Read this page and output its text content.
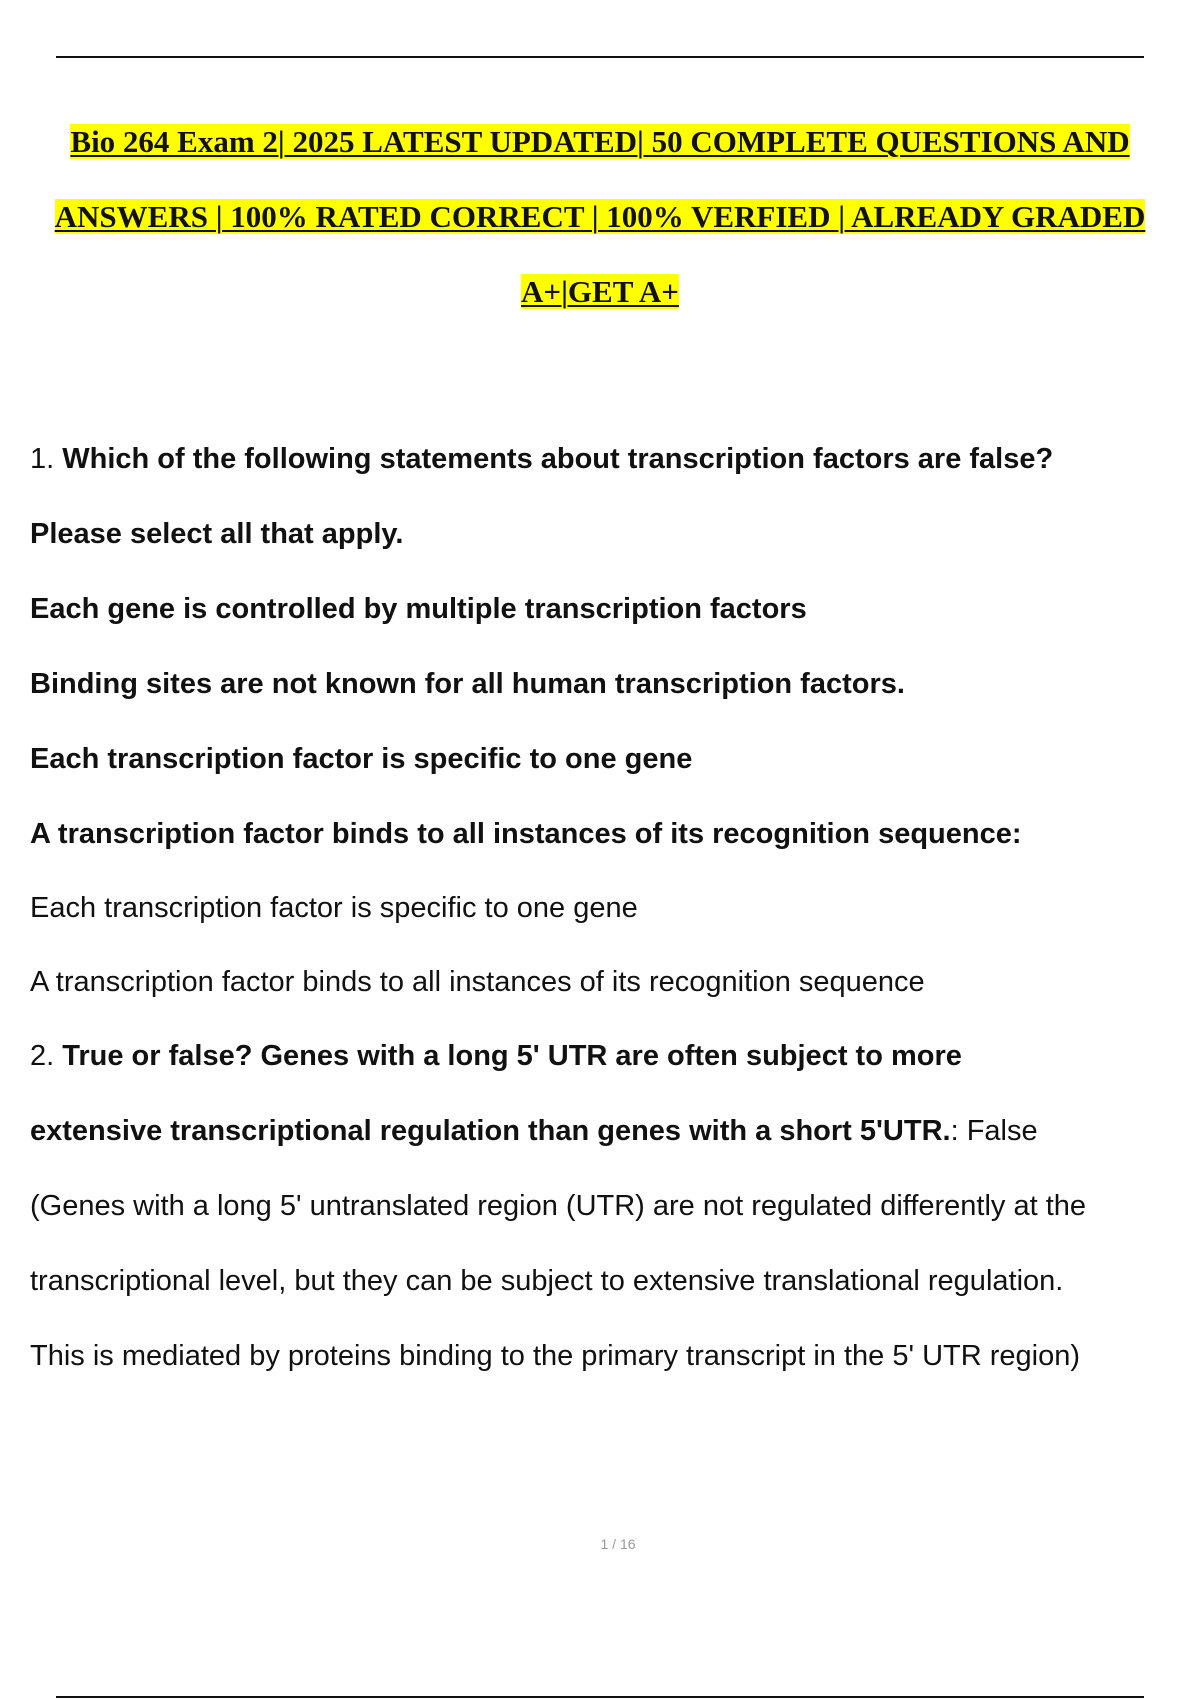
Bio 264 Exam 2| 2025 LATEST UPDATED| 50 COMPLETE QUESTIONS AND
ANSWERS | 100% RATED CORRECT | 100% VERFIED | ALREADY GRADED
A+|GET A+
1. Which of the following statements about transcription factors are false?
Please select all that apply.
Each gene is controlled by multiple transcription factors
Binding sites are not known for all human transcription factors.
Each transcription factor is specific to one gene
A transcription factor binds to all instances of its recognition sequence:
Each transcription factor is specific to one gene
A transcription factor binds to all instances of its recognition sequence
2. True or false? Genes with a long 5' UTR are often subject to more
extensive transcriptional regulation than genes with a short 5'UTR.: False
(Genes with a long 5' untranslated region (UTR) are not regulated differently at the
transcriptional level, but they can be subject to extensive translational regulation.
This is mediated by proteins binding to the primary transcript in the 5' UTR region)
1 / 16
